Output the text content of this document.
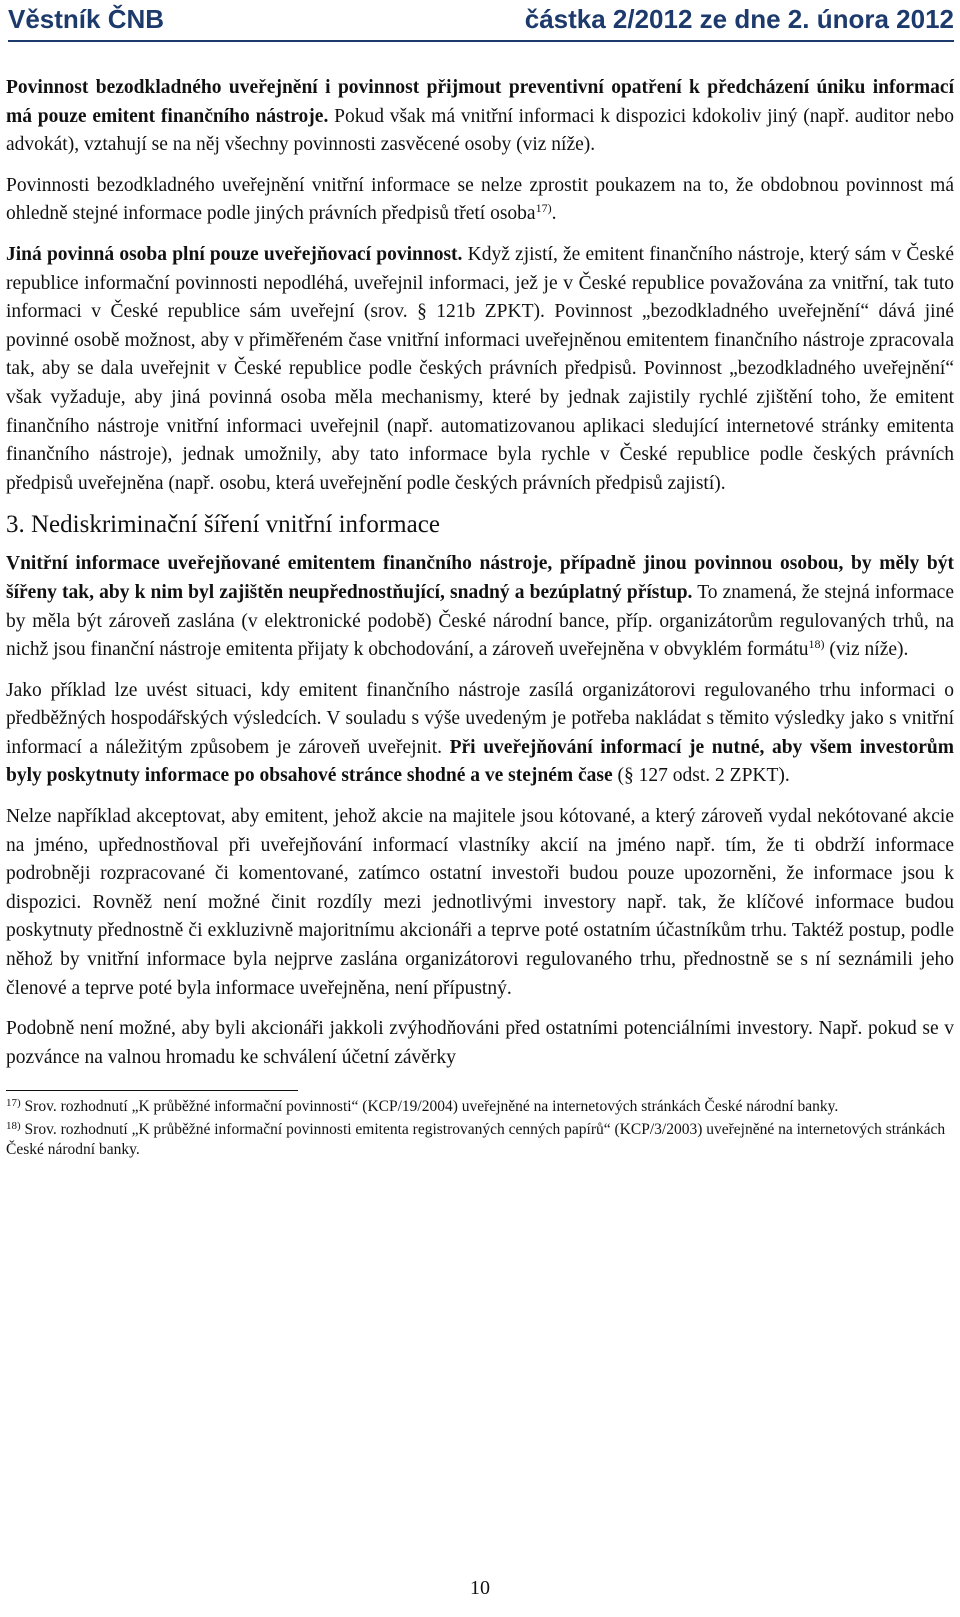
Věstník ČNB	částka 2/2012 ze dne 2. února 2012

Povinnost bezodkladného uveřejnění i povinnost přijmout preventivní opatření k předcházení úniku informací má pouze emitent finančního nástroje. Pokud však má vnitřní informaci k dispozici kdokoliv jiný (např. auditor nebo advokát), vztahují se na něj všechny povinnosti zasvěcené osoby (viz níže).

Povinnosti bezodkladného uveřejnění vnitřní informace se nelze zprostit poukazem na to, že obdobnou povinnost má ohledně stejné informace podle jiných právních předpisů třetí osoba$^{17)}$.

Jiná povinná osoba plní pouze uveřejňovací povinnost. Když zjistí, že emitent finančního nástroje, který sám v České republice informační povinnosti nepodléhá, uveřejnil informaci, jež je v České republice považována za vnitřní, tak tuto informaci v České republice sám uveřejní (srov. § 121b ZPKT). Povinnost „bezodkladného uveřejnění“ dává jiné povinné osobě možnost, aby v přiměřeném čase vnitřní informaci uveřejněnou emitentem finančního nástroje zpracovala tak, aby se dala uveřejnit v České republice podle českých právních předpisů. Povinnost „bezodkladného uveřejnění“ však vyžaduje, aby jiná povinná osoba měla mechanismy, které by jednak zajistily rychlé zjištění toho, že emitent finančního nástroje vnitřní informaci uveřejnil (např. automatizovanou aplikaci sledující internetové stránky emitenta finančního nástroje), jednak umožnily, aby tato informace byla rychle v České republice podle českých právních předpisů uveřejněna (např. osobu, která uveřejnění podle českých právních předpisů zajistí).

3. Nediskriminační šíření vnitřní informace

Vnitřní informace uveřejňované emitentem finančního nástroje, případně jinou povinnou osobou, by měly být šířeny tak, aby k nim byl zajištěn neupřednostňující, snadný a bezúplatný přístup. To znamená, že stejná informace by měla být zároveň zaslána (v elektronické podobě) České národní bance, příp. organizátorům regulovaných trhů, na nichž jsou finanční nástroje emitenta přijaty k obchodování, a zároveň uveřejněna v obvyklém formátu$^{18)}$ (viz níže).

Jako příklad lze uvést situaci, kdy emitent finančního nástroje zasílá organizátorovi regulovaného trhu informaci o předběžných hospodářských výsledcích. V souladu s výše uvedeným je potřeba nakládat s těmito výsledky jako s vnitřní informací a náležitým způsobem je zároveň uveřejnit. Při uveřejňování informací je nutné, aby všem investorům byly poskytnuty informace po obsahové stránce shodné a ve stejném čase (§ 127 odst. 2 ZPKT).

Nelze například akceptovat, aby emitent, jehož akcie na majitele jsou kótované, a který zároveň vydal nekótované akcie na jméno, upřednostňoval při uveřejňování informací vlastníky akcií na jméno např. tím, že ti obdrží informace podrobněji rozpracované či komentované, zatímco ostatní investoři budou pouze upozorněni, že informace jsou k dispozici. Rovněž není možné činit rozdíly mezi jednotlivými investory např. tak, že klíčové informace budou poskytnuty přednostně či exkluzivně majoritnímu akcionáři a teprve poté ostatním účastníkům trhu. Taktéž postup, podle něhož by vnitřní informace byla nejprve zaslána organizátorovi regulovaného trhu, přednostně se s ní seznámili jeho členové a teprve poté byla informace uveřejněna, není přípustný.

Podobně není možné, aby byli akcionáři jakkoli zvýhodňováni před ostatními potenciálními investory. Např. pokud se v pozvánce na valnou hromadu ke schválení účetní závěrky

$^{17)}$ Srov. rozhodnutí „K průběžné informační povinnosti“ (KCP/19/2004) uveřejněné na internetových stránkách České národní banky.

$^{18)}$ Srov. rozhodnutí „K průběžné informační povinnosti emitenta registrovaných cenných papírů“ (KCP/3/2003) uveřejněné na internetových stránkách České národní banky.

10
